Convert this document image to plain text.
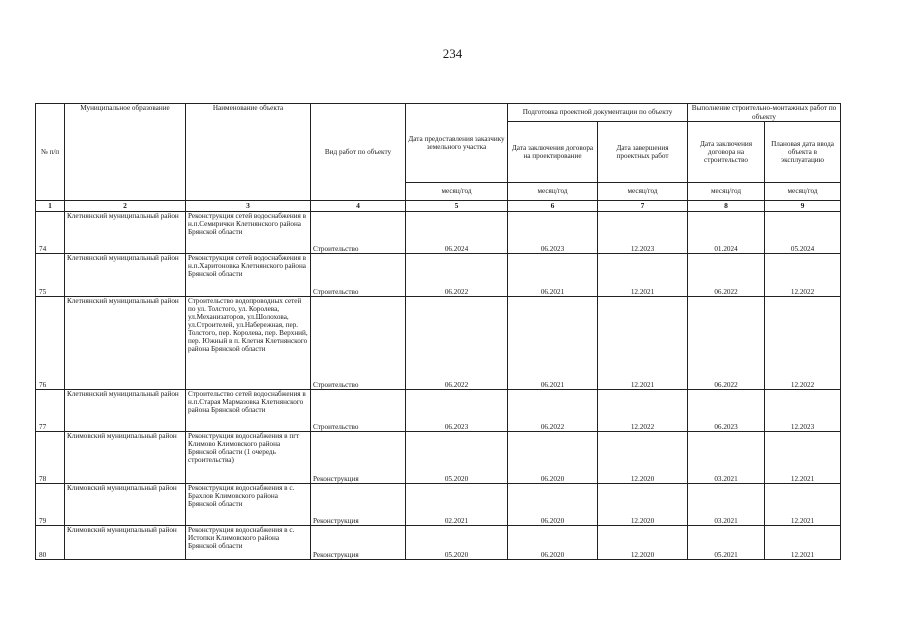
234
№ п/п	Муниципальное образование	Наименование объекта	Вид работ по объекту	Дата предоставления заказчику земельного участка	Подготовка проектной документации по объекту		Выполнение строительно-монтажных работ по объекту	
					Дата заключения договора на проектирование	Дата завершения проектных работ	Дата заключения договора на строительство	Плановая дата ввода объекта в эксплуатацию
				месяц/год	месяц/год	месяц/год	месяц/год	месяц/год
1	2	3	4	5	6	7	8	9
74	Клетнянский муниципальный район	Реконструкция сетей водоснабжения в н.п.Семирички Клетнянского района Брянской области	Строительство	06.2024	06.2023	12.2023	01.2024	05.2024
75	Клетнянский муниципальный район	Реконструкция сетей водоснабжения в н.п.Харитоновка Клетнянского района Брянской области	Строительство	06.2022	06.2021	12.2021	06.2022	12.2022
76	Клетнянский муниципальный район	Строительство водопроводных сетей по ул. Толстого, ул. Королева, ул.Механизаторов, ул.Шолохова, ул.Строителей, ул.Набережная, пер. Толстого, пер. Королева, пер. Верхний, пер. Южный в п. Клетня Клетнянского района Брянской области	Строительство	06.2022	06.2021	12.2021	06.2022	12.2022
77	Клетнянский муниципальный район	Строительство сетей водоснабжения в н.п.Старая Мармазовка Клетнянского района Брянской области	Строительство	06.2023	06.2022	12.2022	06.2023	12.2023
78	Климовский муниципальный район	Реконструкция водоснабжения в пгт Климово Климовского района Брянской области (1 очередь строительства)	Реконструкция	05.2020	06.2020	12.2020	03.2021	12.2021
79	Климовский муниципальный район	Реконструкция водоснабжения в с. Брахлов Климовского района Брянской области	Реконструкция	02.2021	06.2020	12.2020	03.2021	12.2021
80	Климовский муниципальный район	Реконструкция водоснабжения в с. Истопки Климовского района Брянской области	Реконструкция	05.2020	06.2020	12.2020	05.2021	12.2021
